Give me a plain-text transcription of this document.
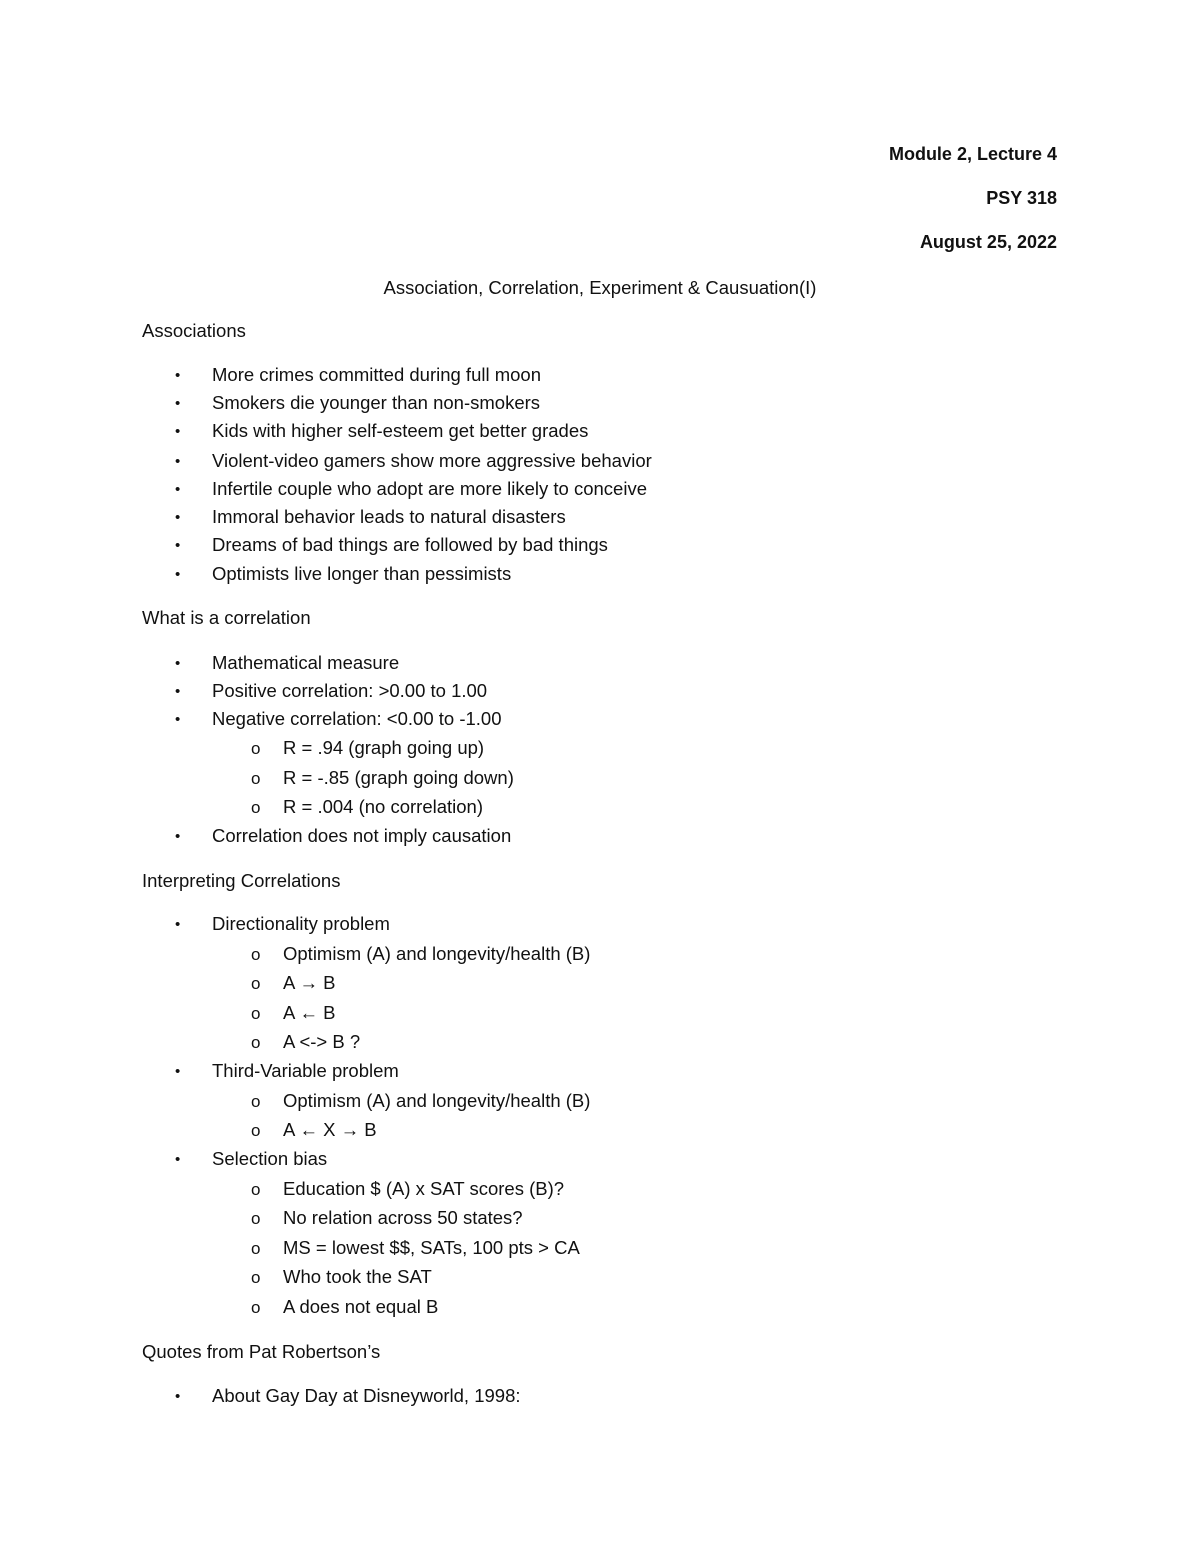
Module 2, Lecture 4
PSY 318
August 25, 2022
Association, Correlation, Experiment & Causuation(I)
Associations
• More crimes committed during full moon
• Smokers die younger than non-smokers
• Kids with higher self-esteem get better grades
• Violent-video gamers show more aggressive behavior
• Infertile couple who adopt are more likely to conceive
• Immoral behavior leads to natural disasters
• Dreams of bad things are followed by bad things
• Optimists live longer than pessimists
What is a correlation
• Mathematical measure
• Positive correlation: >0.00 to 1.00
• Negative correlation: <0.00 to -1.00
o R = .94 (graph going up)
o R = -.85 (graph going down)
o R = .004 (no correlation)
• Correlation does not imply causation
Interpreting Correlations
• Directionality problem
o Optimism (A) and longevity/health (B)
o A → B
o A ← B
o A <-> B ?
• Third-Variable problem
o Optimism (A) and longevity/health (B)
o A ← X → B
• Selection bias
o Education $ (A) x SAT scores (B)?
o No relation across 50 states?
o MS = lowest $$, SATs, 100 pts > CA
o Who took the SAT
o A does not equal B
Quotes from Pat Robertson’s
• About Gay Day at Disneyworld, 1998:
